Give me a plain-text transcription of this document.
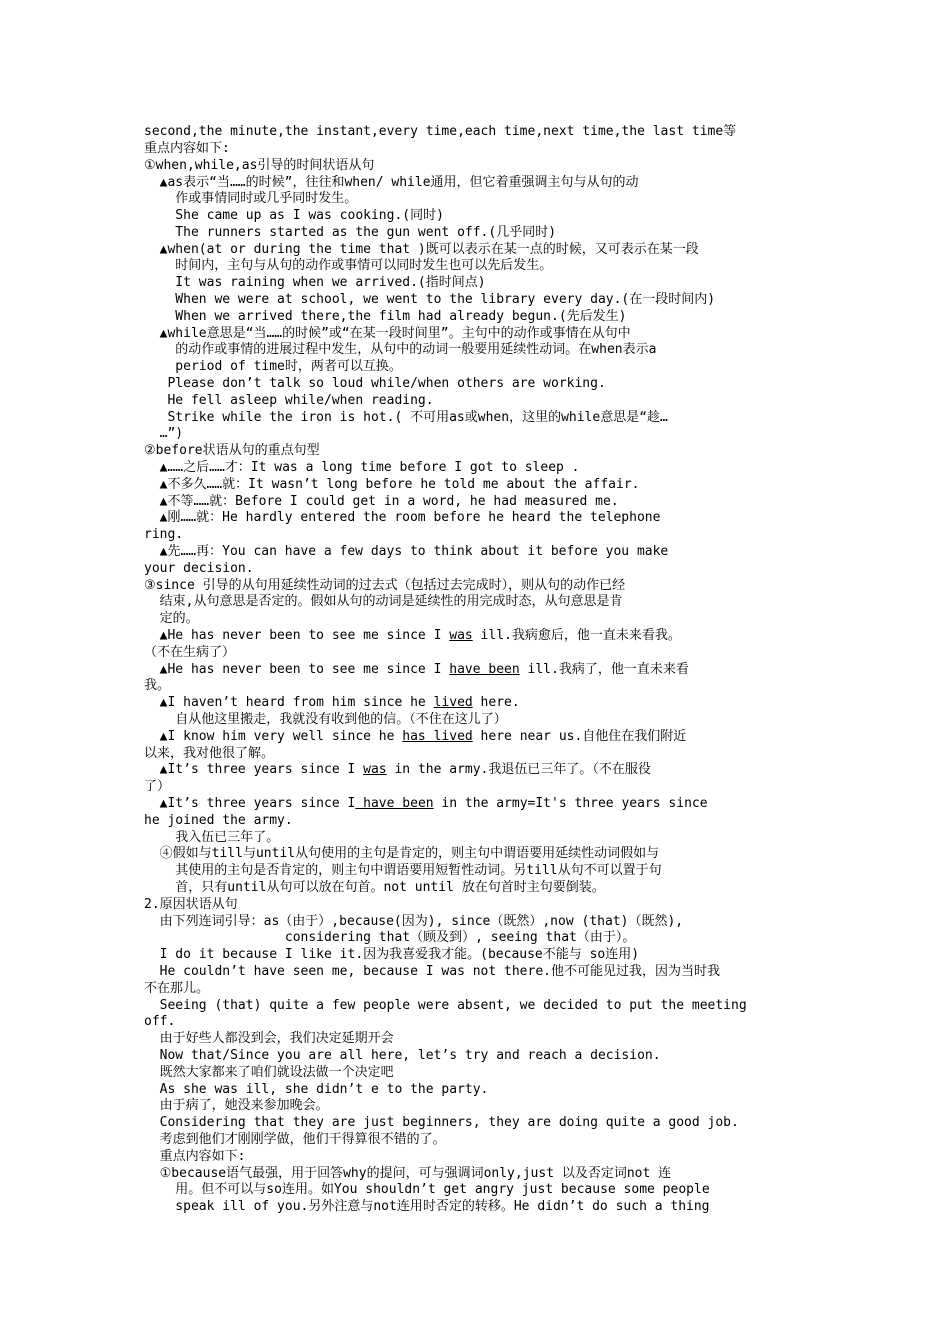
second,the minute,the instant,every time,each time,next time,the last time等
重点内容如下:
①when,while,as引导的时间状语从句
▲as表示“当……的时候”，往往和when/ while通用，但它着重强调主句与从句的动
作或事情同时或几乎同时发生。
She came up as I was cooking.(同时)
The runners started as the gun went off.(几乎同时)
▲when(at or during the time that )既可以表示在某一点的时候，又可表示在某一段
时间内，主句与从句的动作或事情可以同时发生也可以先后发生。
It was raining when we arrived.(指时间点)
When we were at school, we went to the library every day.(在一段时间内)
When we arrived there,the film had already begun.(先后发生)
▲while意思是“当……的时候”或“在某一段时间里”。主句中的动作或事情在从句中
的动作或事情的进展过程中发生，从句中的动词一般要用延续性动词。在when表示a
period of time时，两者可以互换。
Please don’t talk so loud while/when others are working.
He fell asleep while/when reading.
Strike while the iron is hot.( 不可用as或when，这里的while意思是“趁…
…”)
②before状语从句的重点句型
▲……之后……才：It was a long time before I got to sleep .
▲不多久……就：It wasn’t long before he told me about the affair.
▲不等……就：Before I could get in a word, he had measured me.
▲刚……就：He hardly entered the room before he heard the telephone
ring.
▲先……再：You can have a few days to think about it before you make
your decision.
③since 引导的从句用延续性动词的过去式（包括过去完成时），则从句的动作已经
结束,从句意思是否定的。假如从句的动词是延续性的用完成时态，从句意思是肯
定的。
▲He has never been to see me since I was ill.我病愈后，他一直未来看我。
（不在生病了）
▲He has never been to see me since I have been ill.我病了，他一直未来看
我。
▲I haven’t heard from him since he lived here.
自从他这里搬走，我就没有收到他的信。（不住在这儿了）
▲I know him very well since he has lived here near us.自他住在我们附近
以来，我对他很了解。
▲It’s three years since I was in the army.我退伍已三年了。（不在服役
了）
▲It’s three years since I have been in the army=It's three years since
he joined the army.
我入伍已三年了。
④假如与till与until从句使用的主句是肯定的，则主句中谓语要用延续性动词假如与
其使用的主句是否肯定的，则主句中谓语要用短暂性动词。另till从句不可以置于句
首，只有until从句可以放在句首。not until 放在句首时主句要倒装。
2.原因状语从句
由下列连词引导：as（由于）,because(因为), since（既然）,now (that)（既然),
considering that（顾及到）, seeing that（由于）。
I do it because I like it.因为我喜爱我才能。(because不能与 so连用)
He couldn’t have seen me, because I was not there.他不可能见过我，因为当时我
不在那儿。
Seeing (that) quite a few people were absent, we decided to put the meeting
off.
由于好些人都没到会，我们决定延期开会
Now that/Since you are all here, let’s try and reach a decision.
既然大家都来了咱们就设法做一个决定吧
As she was ill, she didn’t e to the party.
由于病了，她没来参加晚会。
Considering that they are just beginners, they are doing quite a good job.
考虑到他们才刚刚学做，他们干得算很不错的了。
重点内容如下:
①because语气最强，用于回答why的提问，可与强调词only,just 以及否定词not 连
用。但不可以与so连用。如You shouldn’t get angry just because some people
speak ill of you.另外注意与not连用时否定的转移。He didn’t do such a thing
